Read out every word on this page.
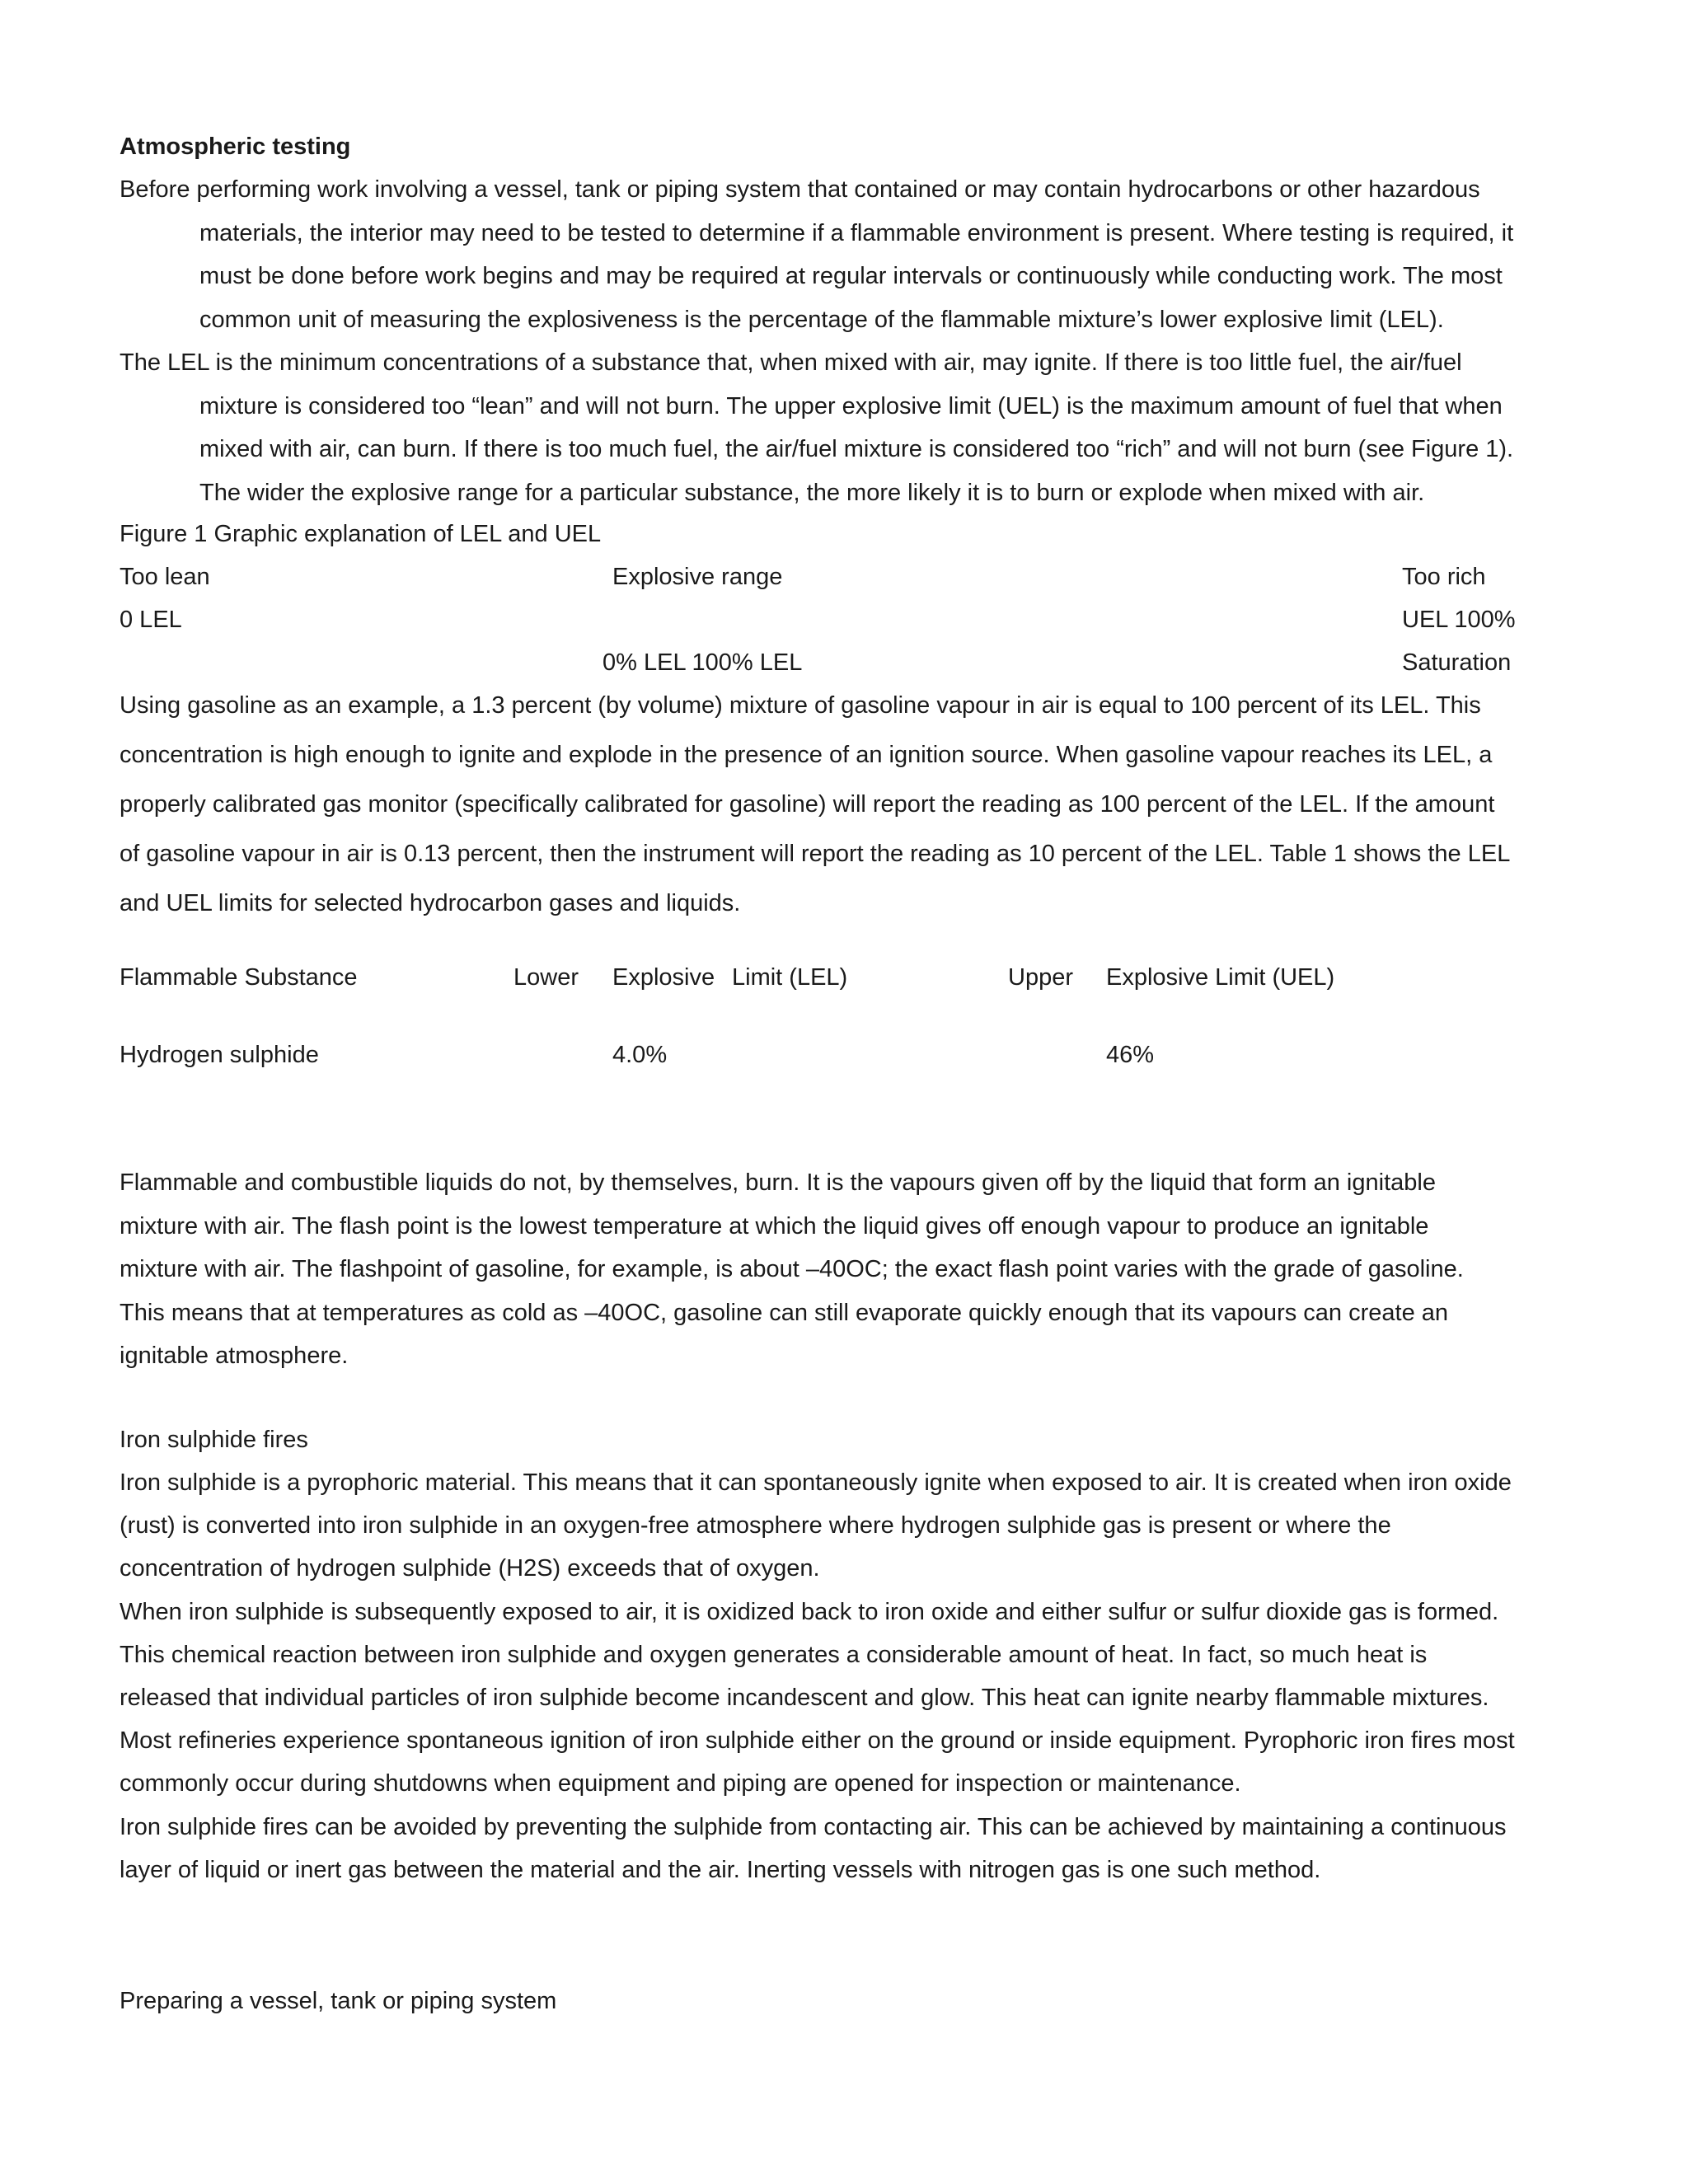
Atmospheric testing
Before performing work involving a vessel, tank or piping system that contained or may contain hydrocarbons or other hazardous
materials, the interior may need to be tested to determine if a flammable environment is present. Where testing is required, it
must be done before work begins and may be required at regular intervals or continuously while conducting work. The most
common unit of measuring the explosiveness is the percentage of the flammable mixture’s lower explosive limit (LEL).
The LEL is the minimum concentrations of a substance that, when mixed with air, may ignite. If there is too little fuel, the air/fuel
mixture is considered too “lean” and will not burn. The upper explosive limit (UEL) is the maximum amount of fuel that when
mixed with air, can burn. If there is too much fuel, the air/fuel mixture is considered too “rich” and will not burn (see Figure 1).
The wider the explosive range for a particular substance, the more likely it is to burn or explode when mixed with air.
Figure 1 Graphic explanation of LEL and UEL
Too lean	Explosive range	Too rich
0 LEL	UEL 100%
0% LEL 100% LEL	Saturation
Using gasoline as an example, a 1.3 percent (by volume) mixture of gasoline vapour in air is equal to 100 percent of its LEL. This
concentration is high enough to ignite and explode in the presence of an ignition source. When gasoline vapour reaches its LEL, a
properly calibrated gas monitor (specifically calibrated for gasoline) will report the reading as 100 percent of the LEL. If the amount
of gasoline vapour in air is 0.13 percent, then the instrument will report the reading as 10 percent of the LEL. Table 1 shows the LEL
and UEL limits for selected hydrocarbon gases and liquids.
Flammable Substance	Lower Explosive Limit (LEL)	Upper Explosive Limit (UEL)
Hydrogen sulphide	4.0%	46%
Flammable and combustible liquids do not, by themselves, burn. It is the vapours given off by the liquid that form an ignitable
mixture with air. The flash point is the lowest temperature at which the liquid gives off enough vapour to produce an ignitable
mixture with air. The flashpoint of gasoline, for example, is about –40OC; the exact flash point varies with the grade of gasoline.
This means that at temperatures as cold as –40OC, gasoline can still evaporate quickly enough that its vapours can create an
ignitable atmosphere.
Iron sulphide fires
Iron sulphide is a pyrophoric material. This means that it can spontaneously ignite when exposed to air. It is created when iron oxide
(rust) is converted into iron sulphide in an oxygen-free atmosphere where hydrogen sulphide gas is present or where the
concentration of hydrogen sulphide (H2S) exceeds that of oxygen.
When iron sulphide is subsequently exposed to air, it is oxidized back to iron oxide and either sulfur or sulfur dioxide gas is formed.
This chemical reaction between iron sulphide and oxygen generates a considerable amount of heat. In fact, so much heat is
released that individual particles of iron sulphide become incandescent and glow. This heat can ignite nearby flammable mixtures.
Most refineries experience spontaneous ignition of iron sulphide either on the ground or inside equipment. Pyrophoric iron fires most
commonly occur during shutdowns when equipment and piping are opened for inspection or maintenance.
Iron sulphide fires can be avoided by preventing the sulphide from contacting air. This can be achieved by maintaining a continuous
layer of liquid or inert gas between the material and the air. Inerting vessels with nitrogen gas is one such method.
Preparing a vessel, tank or piping system
